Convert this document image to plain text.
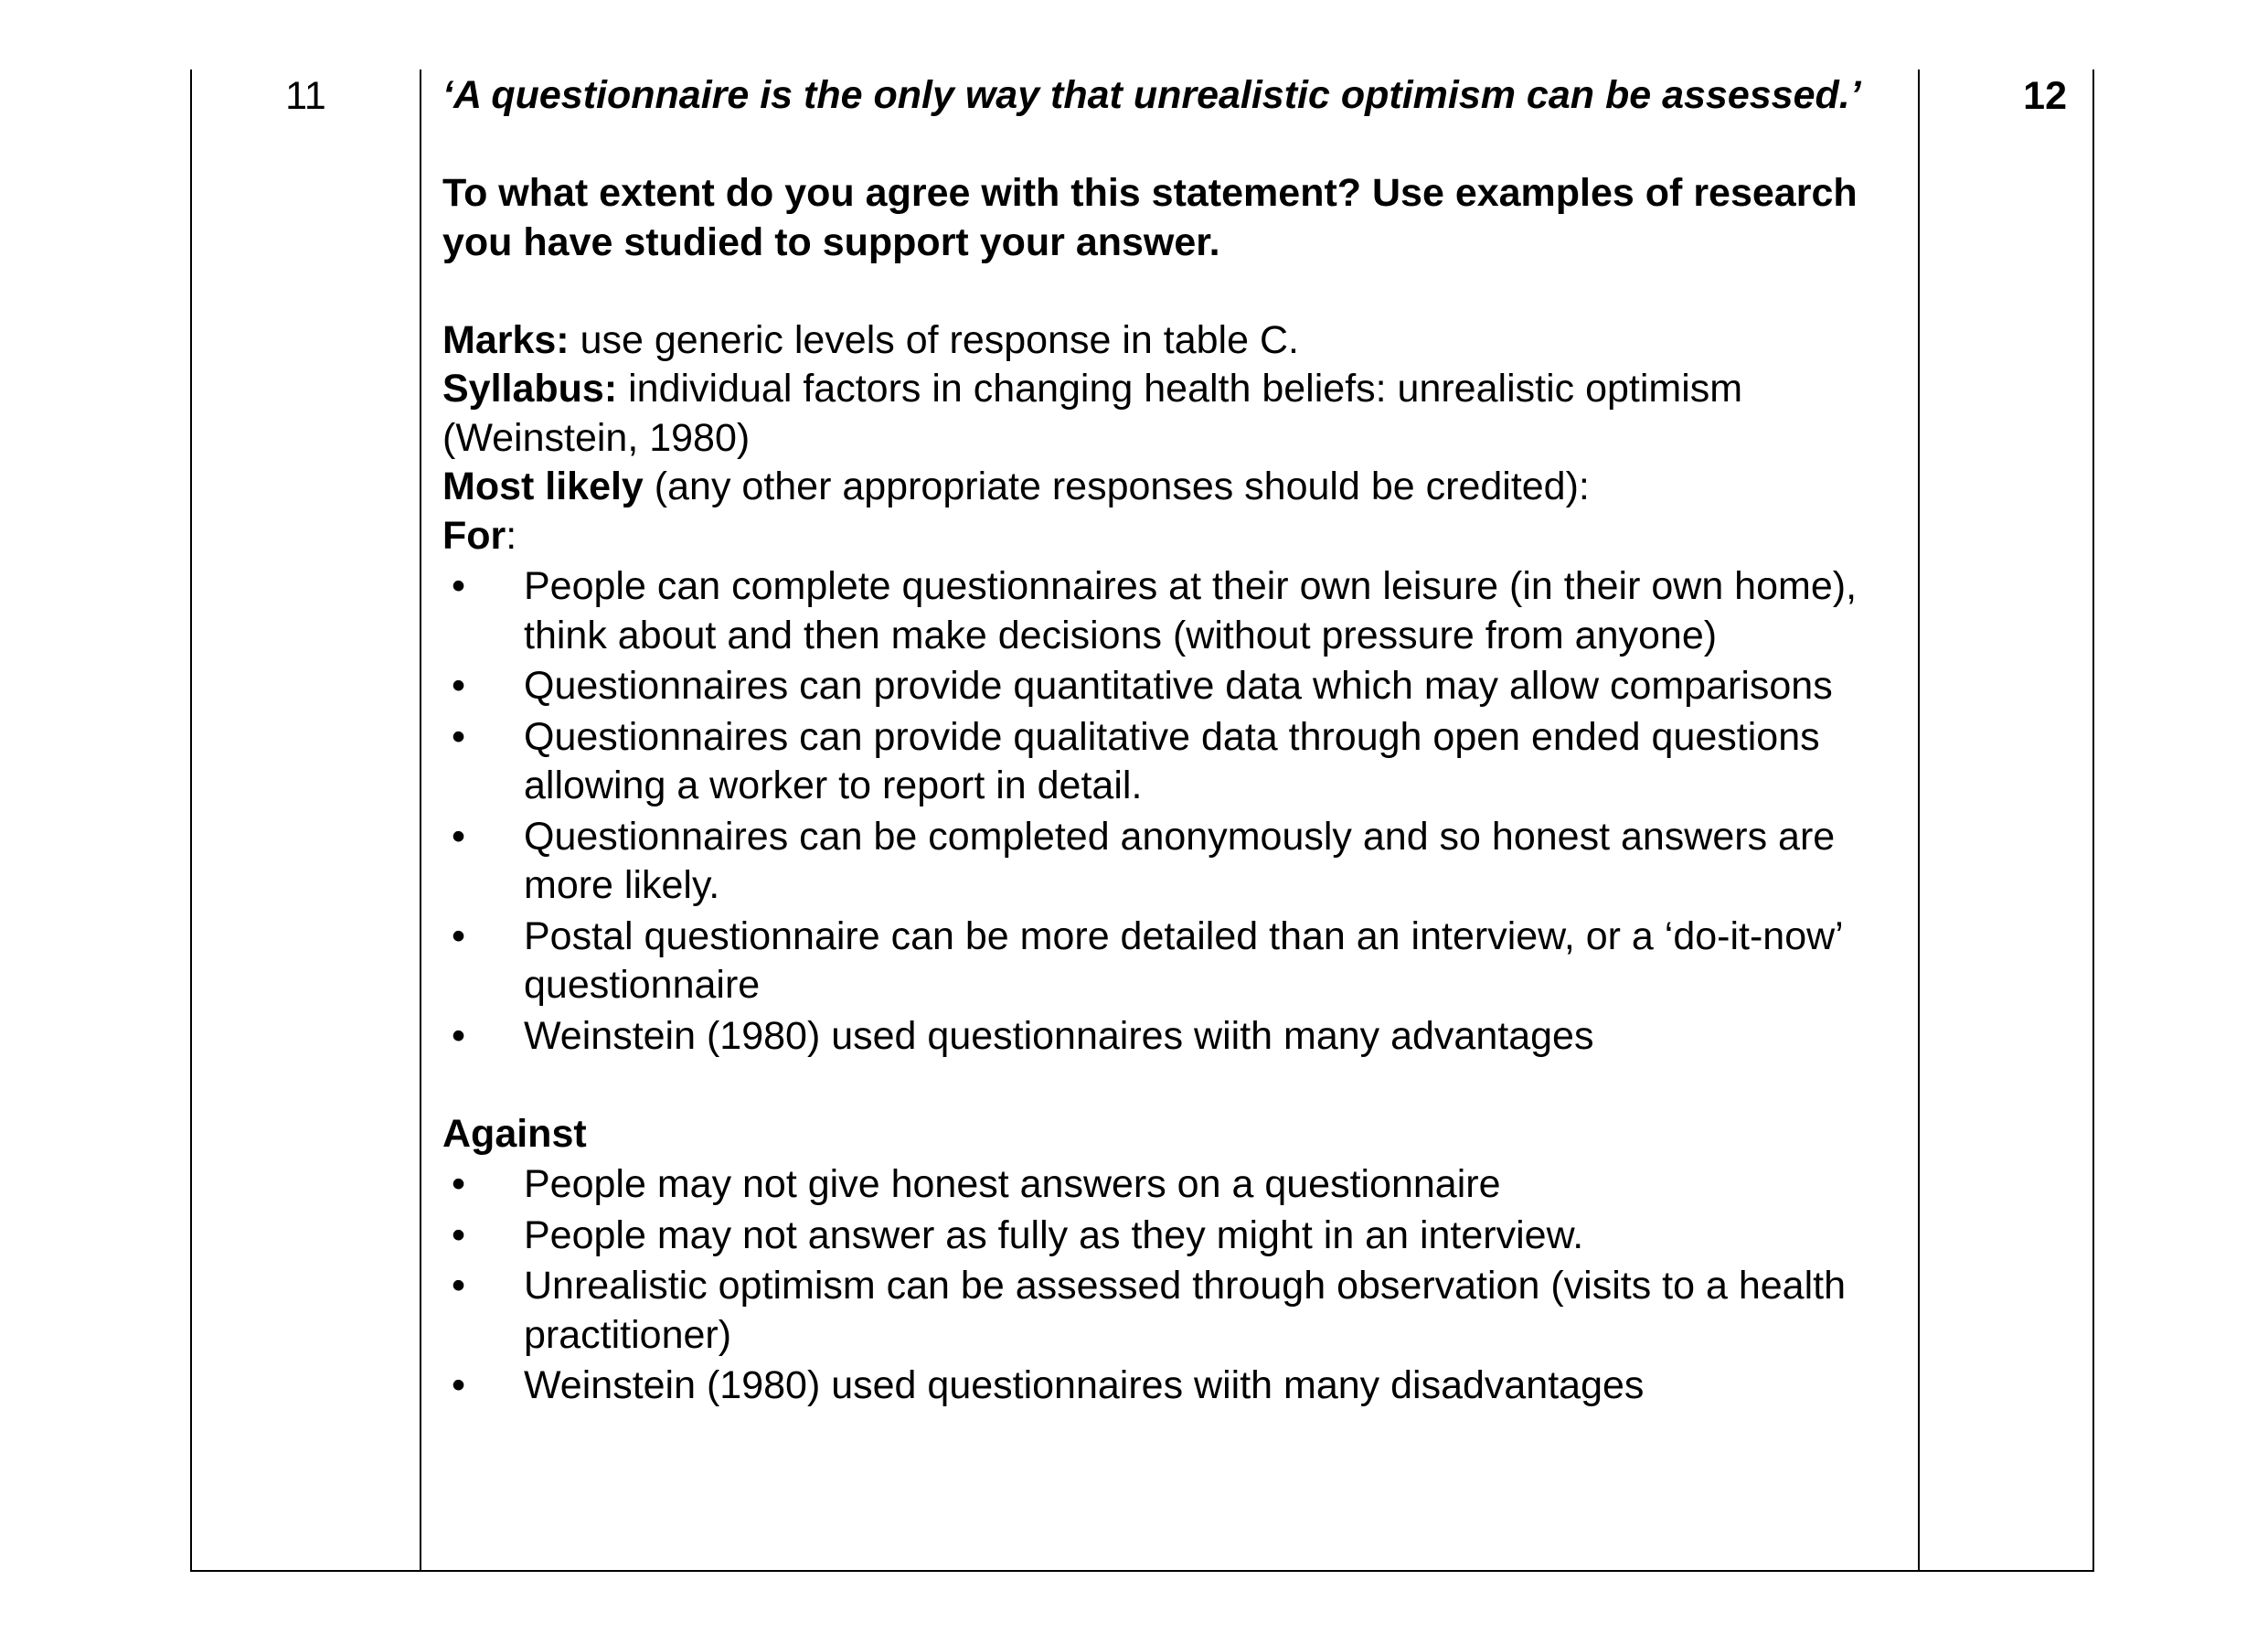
11	‘A questionnaire is the only way that unrealistic optimism can be assessed.’

To what extent do you agree with this statement? Use examples of research you have studied to support your answer.

Marks: use generic levels of response in table C.

Syllabus: individual factors in changing health beliefs: unrealistic optimism (Weinstein, 1980)

Most likely (any other appropriate responses should be credited):

For:

• People can complete questionnaires at their own leisure (in their own home), think about and then make decisions (without pressure from anyone)
• Questionnaires can provide quantitative data which may allow comparisons
• Questionnaires can provide qualitative data through open ended questions allowing a worker to report in detail.
• Questionnaires can be completed anonymously and so honest answers are more likely.
• Postal questionnaire can be more detailed than an interview, or a ‘do-it-now’ questionnaire
• Weinstein (1980) used questionnaires wiith many advantages

Against

• People may not give honest answers on a questionnaire
• People may not answer as fully as they might in an interview.
• Unrealistic optimism can be assessed through observation (visits to a health practitioner)
• Weinstein (1980) used questionnaires wiith many disadvantages
12
